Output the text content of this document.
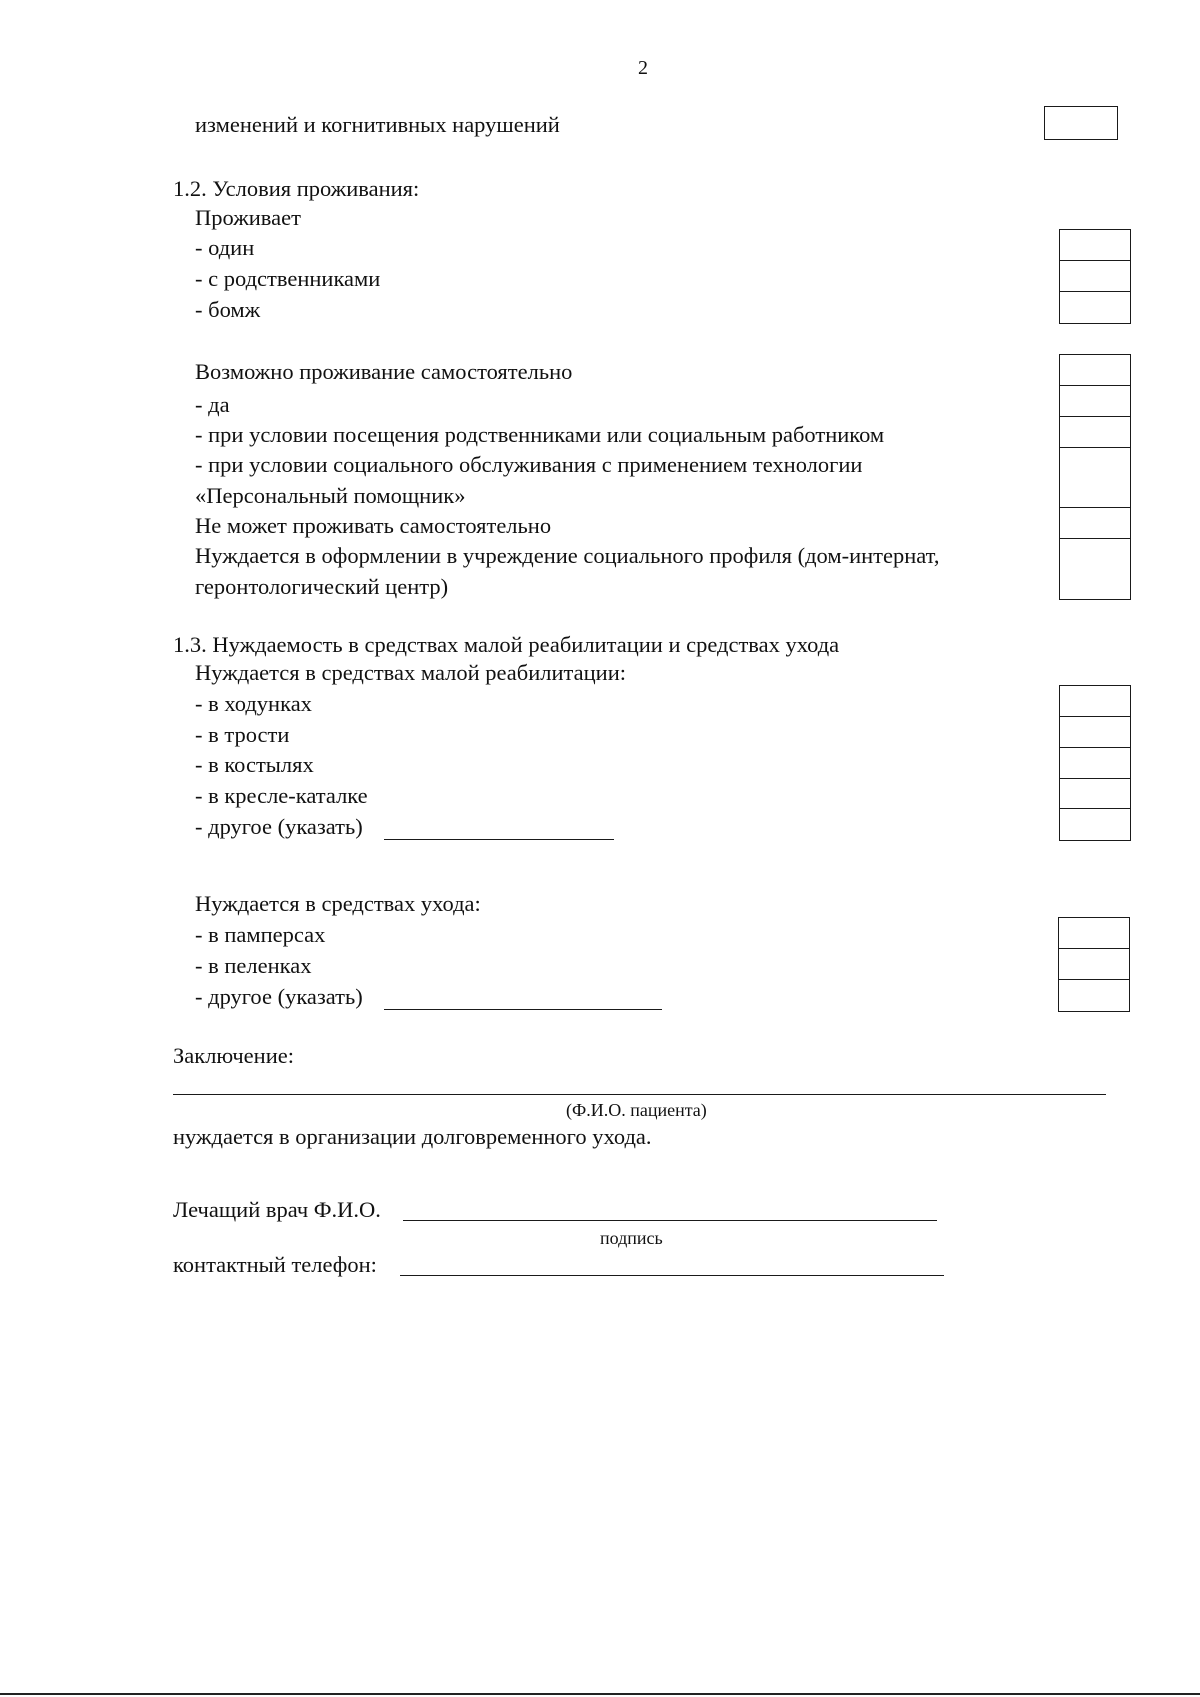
2
изменений и когнитивных нарушений
1.2. Условия проживания:
Проживает
- один
- с родственниками
- бомж
Возможно проживание самостоятельно
- да
- при условии посещения родственниками или социальным работником
- при условии социального обслуживания с применением технологии
«Персональный помощник»
Не может проживать самостоятельно
Нуждается в оформлении в учреждение социального профиля (дом-интернат,
геронтологический центр)
1.3. Нуждаемость в средствах малой реабилитации и средствах ухода
Нуждается в средствах малой реабилитации:
- в ходунках
- в трости
- в костылях
- в кресле-каталке
- другое (указать)
Нуждается в средствах ухода:
- в памперсах
- в пеленках
- другое (указать)
Заключение:
(Ф.И.О. пациента)
нуждается в организации долговременного ухода.
Лечащий врач Ф.И.О.
подпись
контактный телефон:
